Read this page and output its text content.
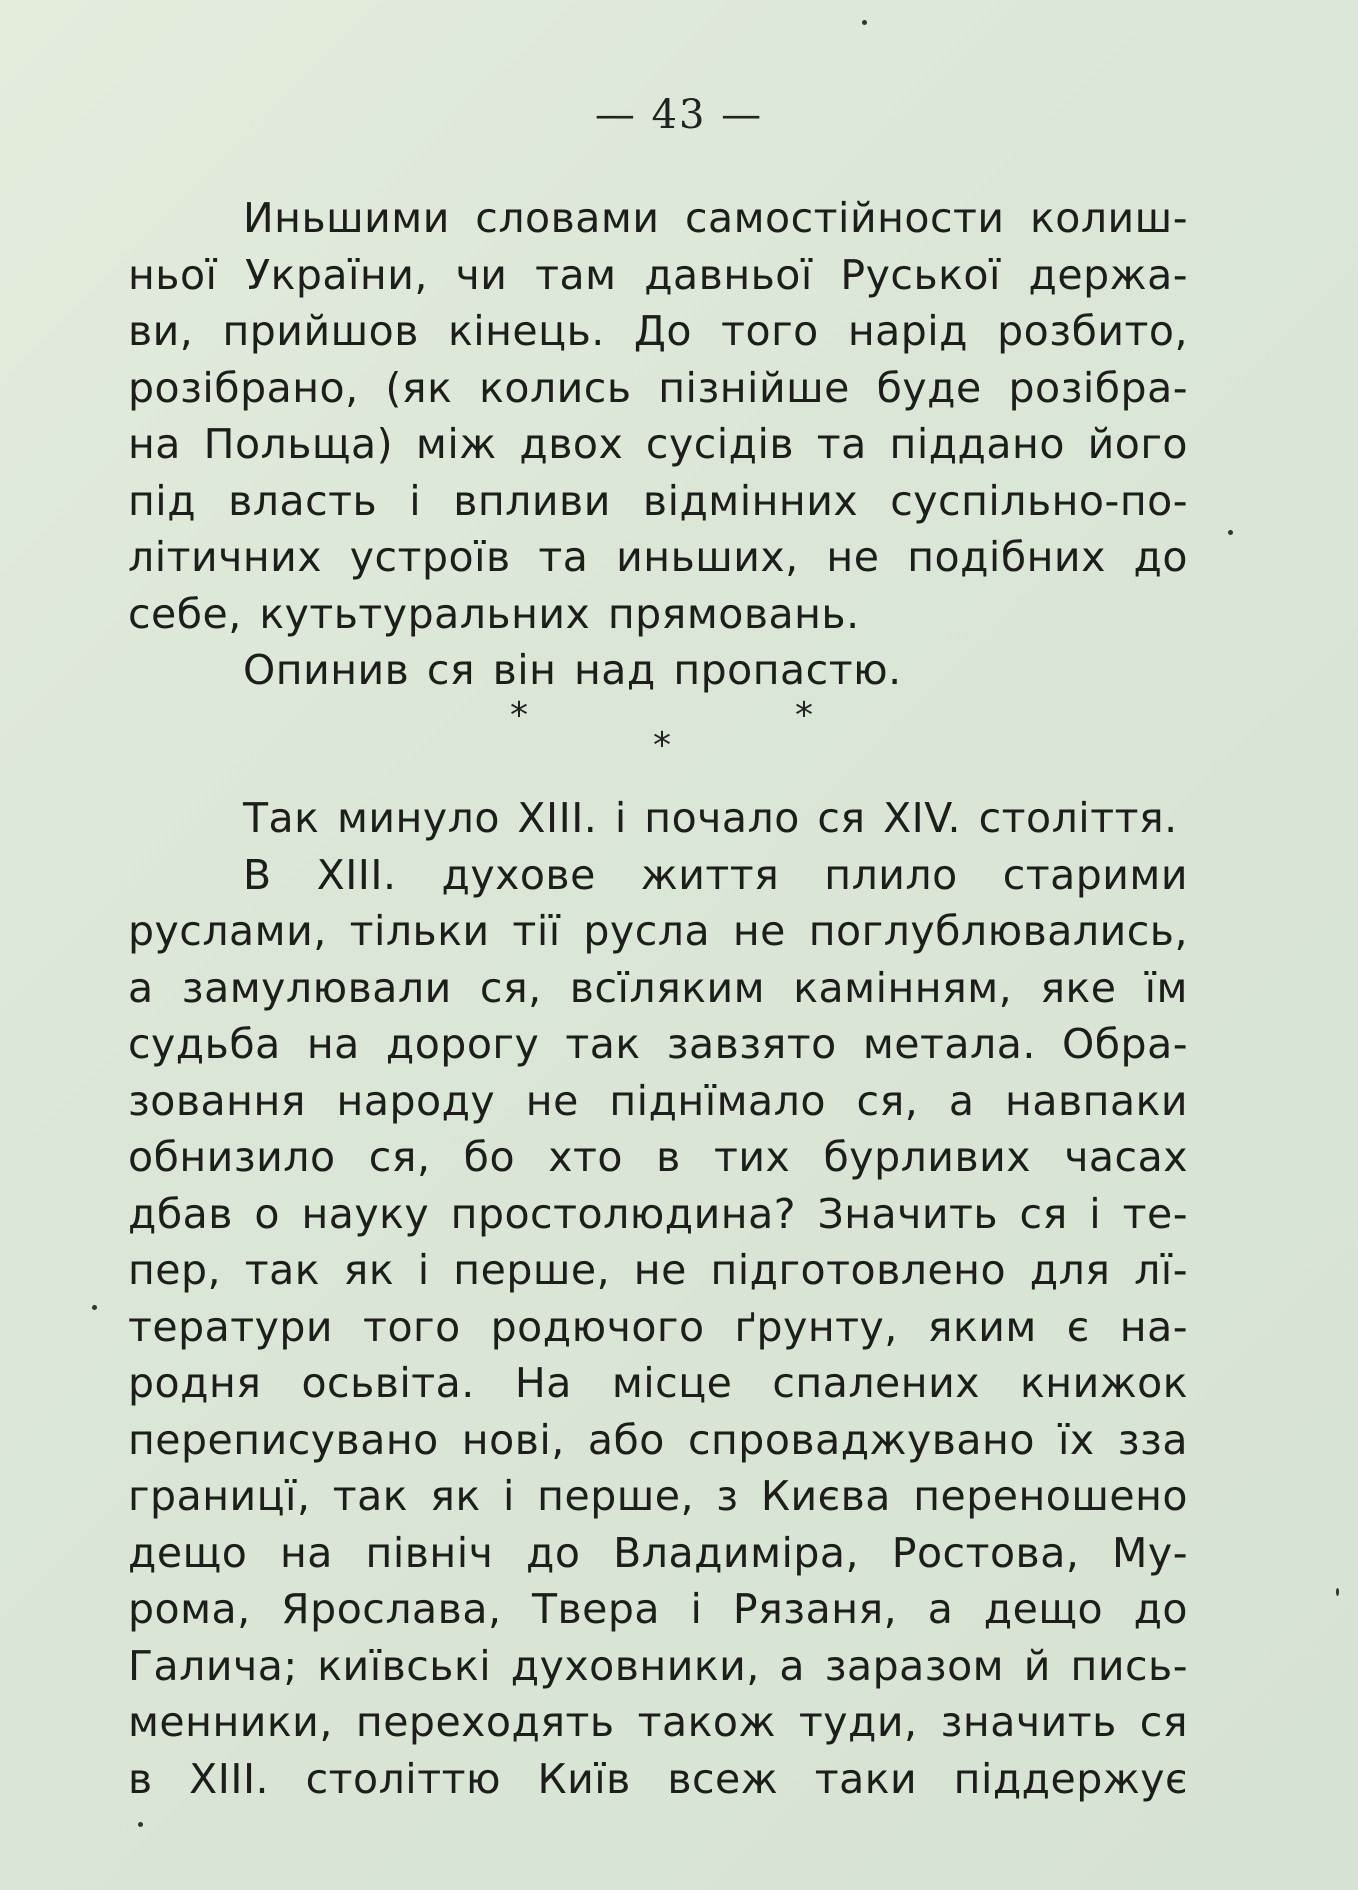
— 43 —
Иньшими словами самостійности колиш-
ньої України, чи там давньої Руської держа-
ви, прийшов кінець. До того нарід розбито,
розібрано, (як колись пізнійше буде розібра-
на Польща) між двох сусідів та піддано його
під власть і впливи відмінних суспільно-по-
літичних устроїв та иньших, не подібних до
себе, кутьтуральних прямовань.
Опинив ся він над пропастю.
*	*
*
Так минуло XIII. і почало ся XIV. століття.
В XIII. духове життя плило старими
руслами, тільки тії русла не поглублювались,
а замулювали ся, всїляким камінням, яке їм
судьба на дорогу так завзято метала. Обра-
зовання народу не піднїмало ся, а навпаки
обнизило ся, бо хто в тих бурливих часах
дбав о науку простолюдина? Значить ся і те-
пер, так як і перше, не підготовлено для лї-
тератури того родючого ґрунту, яким є на-
родня осьвіта. На місце спалених книжок
переписувано нові, або спроваджувано їх зза
границї, так як і перше, з Києва переношено
дещо на північ до Владиміра, Ростова, Му-
рома, Ярослава, Твера і Рязаня, а дещо до
Галича; київські духовники, а заразом й пись-
менники, переходять також туди, значить ся
в XIII. століттю Київ всеж таки піддержує
